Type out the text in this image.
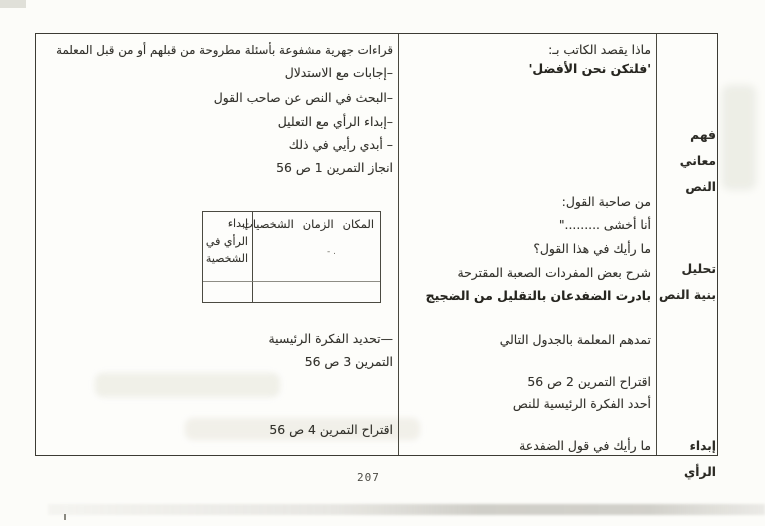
فهم معاني النص
تحليل بنية النص
إبداء الرأي
ماذا يقصد الكاتب بـ:
'فلتكن نحن الأفضل'
من صاحبة القول:
أنا أخشى ........."
ما رأيك في هذا القول؟
شرح بعض المفردات الصعبة المقترحة
بادرت الضفدعان بالتقليل من الضجيج
تمدهم المعلمة بالجدول التالي
اقتراح التمرين 2 ص 56
أحدد الفكرة الرئيسية للنص
ما رأيك في قول الضفدعة
قراءات جهرية مشفوعة بأسئلة مطروحة من قبلهم أو من قبل المعلمة
–إجابات مع الاستدلال
–البحث في النص عن صاحب القول
–إبداء الرأي مع التعليل
– أبدي رأيي في ذلك
انجاز التمرين 1 ص 56
المكان
الزمان
الشخصيات
إبداء الرأي في الشخصية	- .
—تحديد الفكرة الرئيسية
التمرين 3 ص 56
اقتراح التمرين 4 ص 56
207
